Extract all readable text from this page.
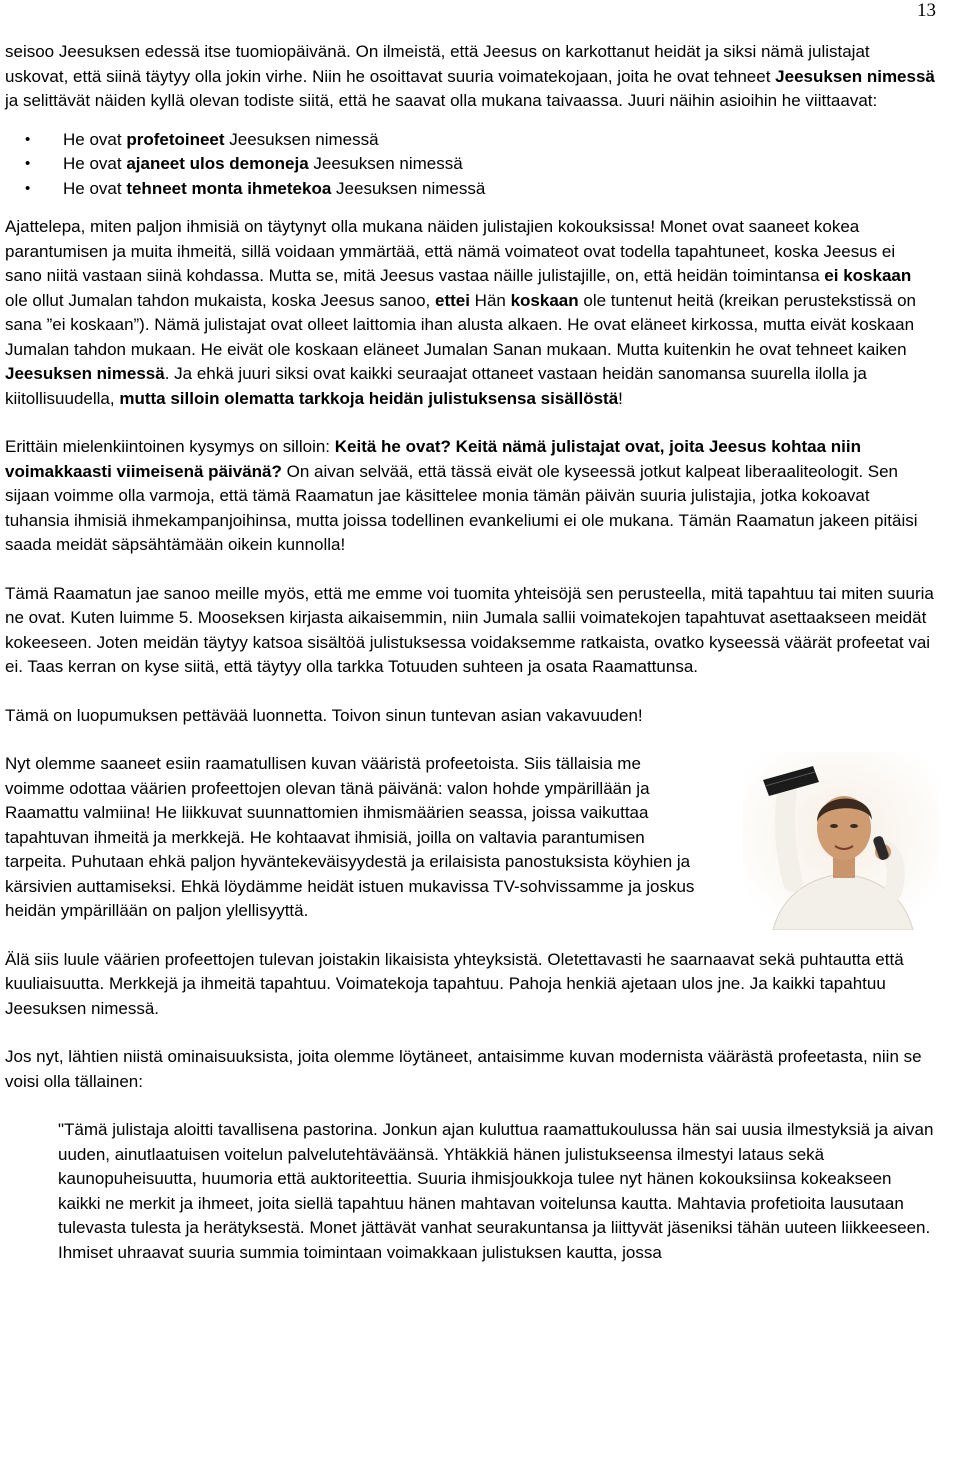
13

seisoo Jeesuksen edessä itse tuomiopäivänä. On ilmeistä, että Jeesus on karkottanut heidät ja siksi nämä julistajat uskovat, että siinä täytyy olla jokin virhe. Niin he osoittavat suuria voimatekojaan, joita he ovat tehneet Jeesuksen nimessä ja selittävät näiden kyllä olevan todiste siitä, että he saavat olla mukana taivaassa. Juuri näihin asioihin he viittaavat:

• He ovat profetoineet Jeesuksen nimessä
• He ovat ajaneet ulos demoneja Jeesuksen nimessä
• He ovat tehneet monta ihmetekoa Jeesuksen nimessä

Ajattelepa, miten paljon ihmisiä on täytynyt olla mukana näiden julistajien kokouksissa! Monet ovat saaneet kokea parantumisen ja muita ihmeitä, sillä voidaan ymmärtää, että nämä voimateot ovat todella tapahtuneet, koska Jeesus ei sano niitä vastaan siinä kohdassa. Mutta se, mitä Jeesus vastaa näille julistajille, on, että heidän toimintansa ei koskaan ole ollut Jumalan tahdon mukaista, koska Jeesus sanoo, ettei Hän koskaan ole tuntenut heitä (kreikan perustekstissä on sana ”ei koskaan”). Nämä julistajat ovat olleet laittomia ihan alusta alkaen. He ovat eläneet kirkossa, mutta eivät koskaan Jumalan tahdon mukaan. He eivät ole koskaan eläneet Jumalan Sanan mukaan. Mutta kuitenkin he ovat tehneet kaiken Jeesuksen nimessä. Ja ehkä juuri siksi ovat kaikki seuraajat ottaneet vastaan heidän sanomansa suurella ilolla ja kiitollisuudella, mutta silloin olematta tarkkoja heidän julistuksensa sisällöstä!

Erittäin mielenkiintoinen kysymys on silloin: Keitä he ovat? Keitä nämä julistajat ovat, joita Jeesus kohtaa niin voimakkaasti viimeisenä päivänä? On aivan selvää, että tässä eivät ole kyseessä jotkut kalpeat liberaaliteologit. Sen sijaan voimme olla varmoja, että tämä Raamatun jae käsittelee monia tämän päivän suuria julistajia, jotka kokoavat tuhansia ihmisiä ihmekampanjoihinsa, mutta joissa todellinen evankeliumi ei ole mukana. Tämän Raamatun jakeen pitäisi saada meidät säpsähtämään oikein kunnolla!

Tämä Raamatun jae sanoo meille myös, että me emme voi tuomita yhteisöjä sen perusteella, mitä tapahtuu tai miten suuria ne ovat. Kuten luimme 5. Mooseksen kirjasta aikaisemmin, niin Jumala sallii voimatekojen tapahtuvat asettaakseen meidät kokeeseen. Joten meidän täytyy katsoa sisältöä julistuksessa voidaksemme ratkaista, ovatko kyseessä väärät profeetat vai ei. Taas kerran on kyse siitä, että täytyy olla tarkka Totuuden suhteen ja osata Raamattunsa.

Tämä on luopumuksen pettävää luonnetta. Toivon sinun tuntevan asian vakavuuden!

Nyt olemme saaneet esiin raamatullisen kuvan vääristä profeetoista. Siis tällaisia me voimme odottaa väärien profeettojen olevan tänä päivänä: valon hohde ympärillään ja Raamattu valmiina! He liikkuvat suunnattomien ihmismäärien seassa, joissa vaikuttaa tapahtuvan ihmeitä ja merkkejä. He kohtaavat ihmisiä, joilla on valtavia parantumisen tarpeita. Puhutaan ehkä paljon hyväntekeväisyydestä ja erilaisista panostuksista köyhien ja kärsivien auttamiseksi. Ehkä löydämme heidät istuen mukavissa TV-sohvissamme ja joskus heidän ympärillään on paljon ylellisyyttä.

Älä siis luule väärien profeettojen tulevan joistakin likaisista yhteyksistä. Oletettavasti he saarnaavat sekä puhtautta että kuuliaisuutta. Merkkejä ja ihmeitä tapahtuu. Voimatekoja tapahtuu. Pahoja henkiä ajetaan ulos jne. Ja kaikki tapahtuu Jeesuksen nimessä.

Jos nyt, lähtien niistä ominaisuuksista, joita olemme löytäneet, antaisimme kuvan modernista väärästä profeetasta, niin se voisi olla tällainen:

"Tämä julistaja aloitti tavallisena pastorina. Jonkun ajan kuluttua raamattukoulussa hän sai uusia ilmestyksiä ja aivan uuden, ainutlaatuisen voitelun palvelutehtäväänsä. Yhtäkkiä hänen julistukseensa ilmestyi lataus sekä kaunopuheisuutta, huumoria että auktoriteettia. Suuria ihmisjoukkoja tulee nyt hänen kokouksiinsa kokeakseen kaikki ne merkit ja ihmeet, joita siellä tapahtuu hänen mahtavan voitelunsa kautta. Mahtavia profetioita lausutaan tulevasta tulesta ja herätyksestä. Monet jättävät vanhat seurakuntansa ja liittyvät jäseniksi tähän uuteen liikkeeseen. Ihmiset uhraavat suuria summia toimintaan voimakkaan julistuksen kautta, jossa
